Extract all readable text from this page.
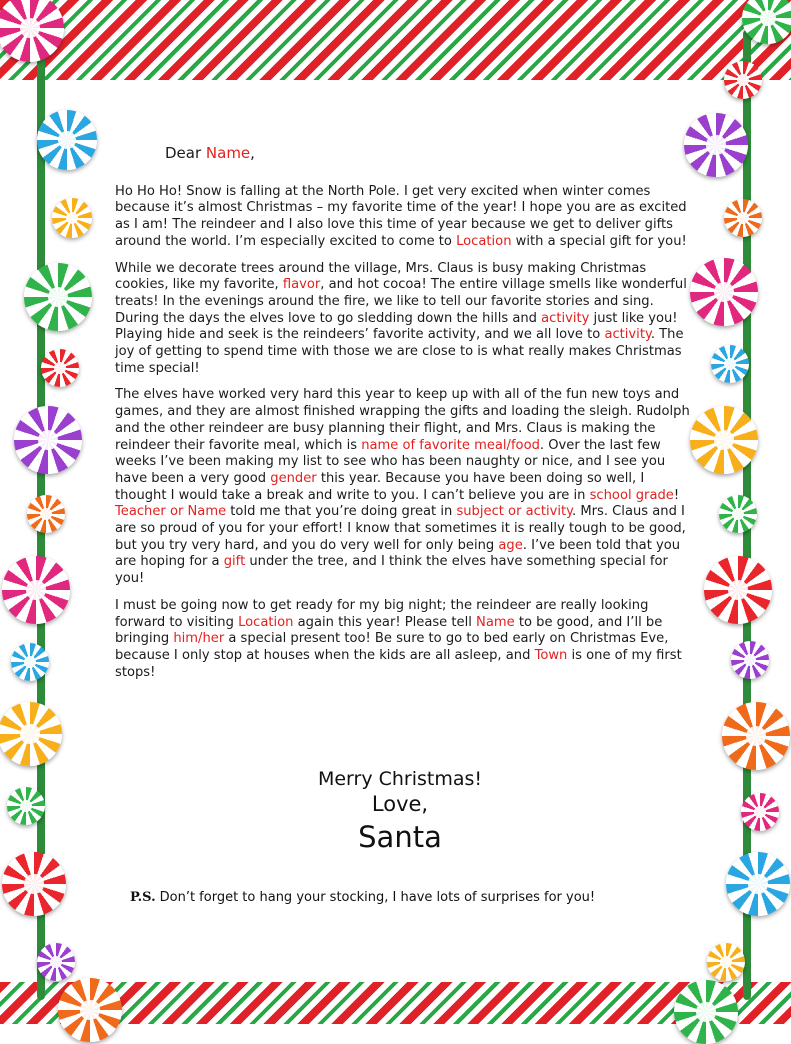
Dear Name,

Ho Ho Ho! Snow is falling at the North Pole. I get very excited when winter comes because it’s almost Christmas – my favorite time of the year! I hope you are as excited as I am! The reindeer and I also love this time of year because we get to deliver gifts around the world. I’m especially excited to come to Location with a special gift for you!

While we decorate trees around the village, Mrs. Claus is busy making Christmas cookies, like my favorite, flavor, and hot cocoa! The entire village smells like wonderful treats! In the evenings around the fire, we like to tell our favorite stories and sing. During the days the elves love to go sledding down the hills and activity just like you! Playing hide and seek is the reindeers’ favorite activity, and we all love to activity. The joy of getting to spend time with those we are close to is what really makes Christmas time special!

The elves have worked very hard this year to keep up with all of the fun new toys and games, and they are almost finished wrapping the gifts and loading the sleigh. Rudolph and the other reindeer are busy planning their flight, and Mrs. Claus is making the reindeer their favorite meal, which is name of favorite meal/food. Over the last few weeks I’ve been making my list to see who has been naughty or nice, and I see you have been a very good gender this year. Because you have been doing so well, I thought I would take a break and write to you. I can’t believe you are in school grade! Teacher or Name told me that you’re doing great in subject or activity. Mrs. Claus and I are so proud of you for your effort! I know that sometimes it is really tough to be good, but you try very hard, and you do very well for only being age. I’ve been told that you are hoping for a gift under the tree, and I think the elves have something special for you!

I must be going now to get ready for my big night; the reindeer are really looking forward to visiting Location again this year! Please tell Name to be good, and I’ll be bringing him/her a special present too! Be sure to go to bed early on Christmas Eve, because I only stop at houses when the kids are all asleep, and Town is one of my first stops!

Merry Christmas!
Love,
Santa
P.S. Don’t forget to hang your stocking, I have lots of surprises for you!
